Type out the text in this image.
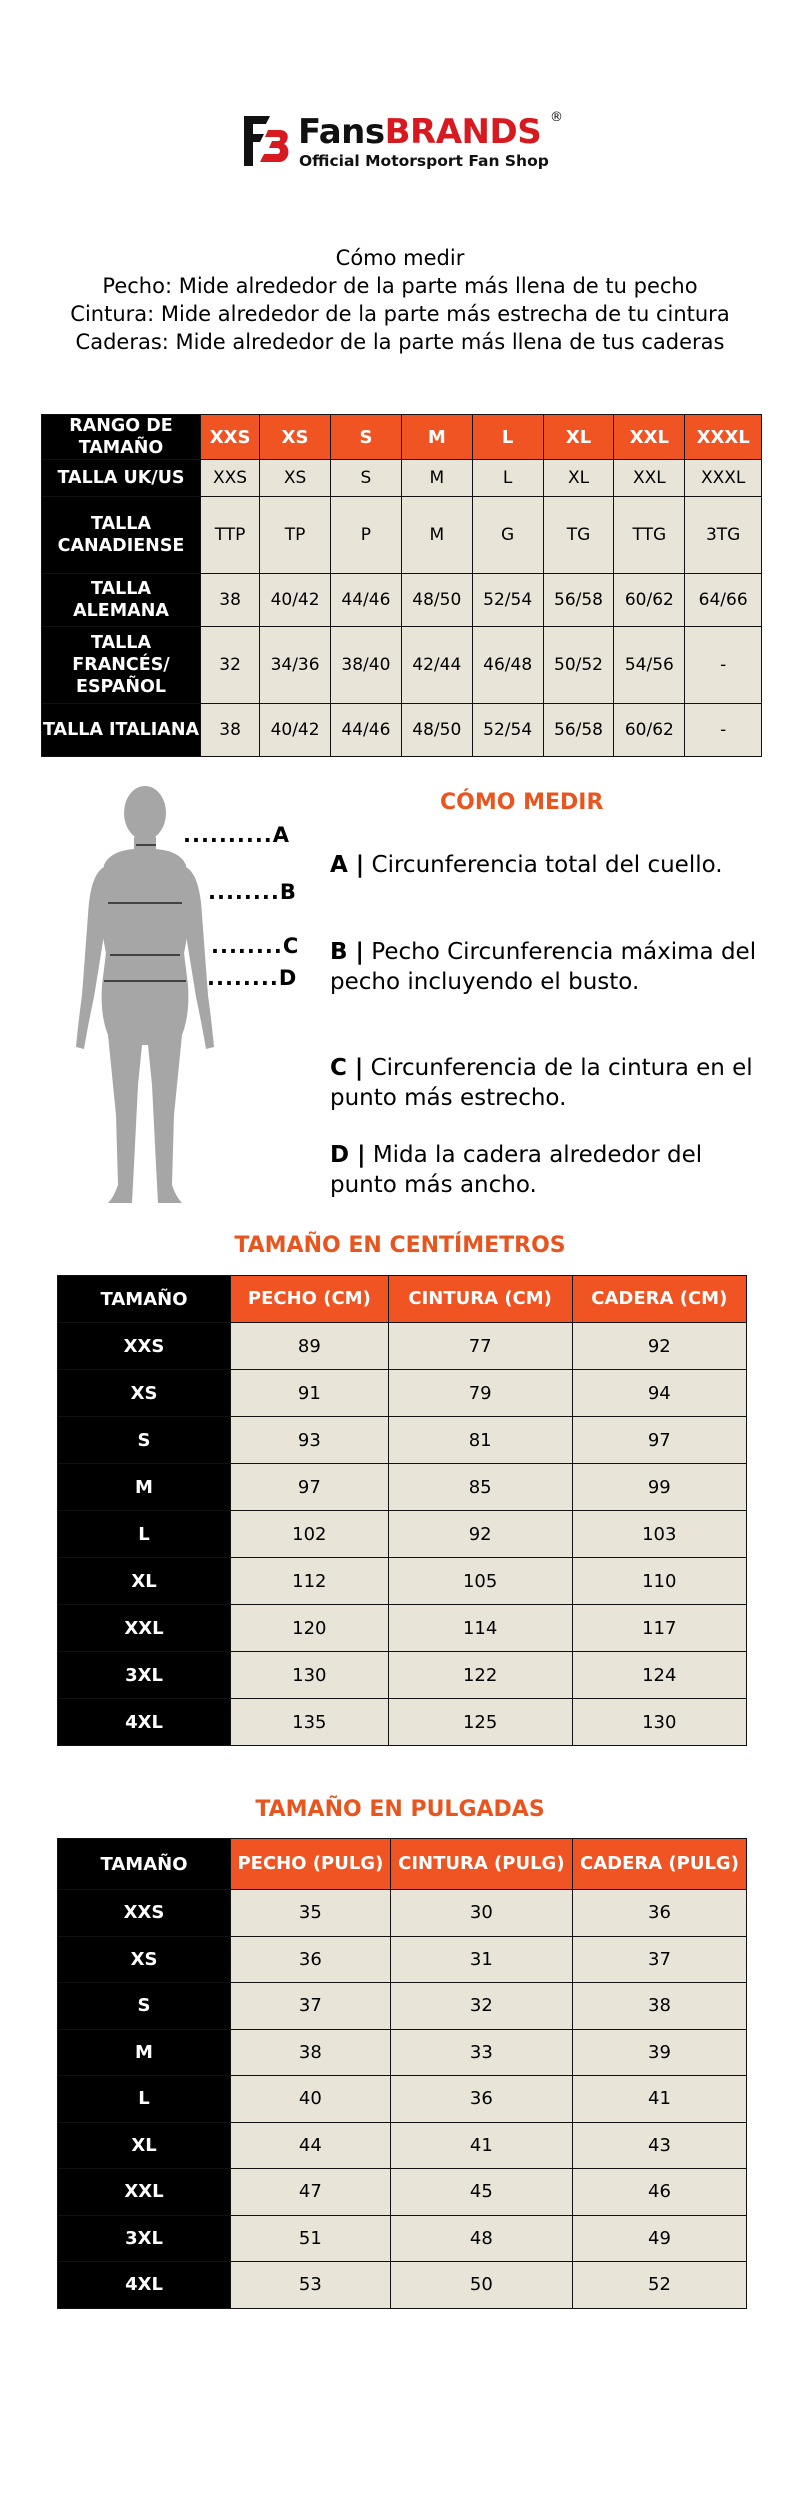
FansBRANDS ®
Official Motorsport Fan Shop
Cómo medir
Pecho: Mide alrededor de la parte más llena de tu pecho
Cintura: Mide alrededor de la parte más estrecha de tu cintura
Caderas: Mide alrededor de la parte más llena de tus caderas
RANGO DE TAMAÑO	XXS	XS	S	M	L	XL	XXL	XXXL
TALLA UK/US	XXS	XS	S	M	L	XL	XXL	XXXL
TALLA CANADIENSE	TTP	TP	P	M	G	TG	TTG	3TG
TALLA ALEMANA	38	40/42	44/46	48/50	52/54	56/58	60/62	64/66
TALLA FRANCÉS/ ESPAÑOL	32	34/36	38/40	42/44	46/48	50/52	54/56	-
TALLA ITALIANA	38	40/42	44/46	48/50	52/54	56/58	60/62	-
..........A
........B
........C
........D
CÓMO MEDIR
A | Circunferencia total del cuello.
B | Pecho Circunferencia máxima del pecho incluyendo el busto.
C | Circunferencia de la cintura en el punto más estrecho.
D | Mida la cadera alrededor del punto más ancho.
TAMAÑO EN CENTÍMETROS
TAMAÑO	PECHO (CM)	CINTURA (CM)	CADERA (CM)
XXS	89	77	92
XS	91	79	94
S	93	81	97
M	97	85	99
L	102	92	103
XL	112	105	110
XXL	120	114	117
3XL	130	122	124
4XL	135	125	130
TAMAÑO EN PULGADAS
TAMAÑO	PECHO (PULG)	CINTURA (PULG)	CADERA (PULG)
XXS	35	30	36
XS	36	31	37
S	37	32	38
M	38	33	39
L	40	36	41
XL	44	41	43
XXL	47	45	46
3XL	51	48	49
4XL	53	50	52
